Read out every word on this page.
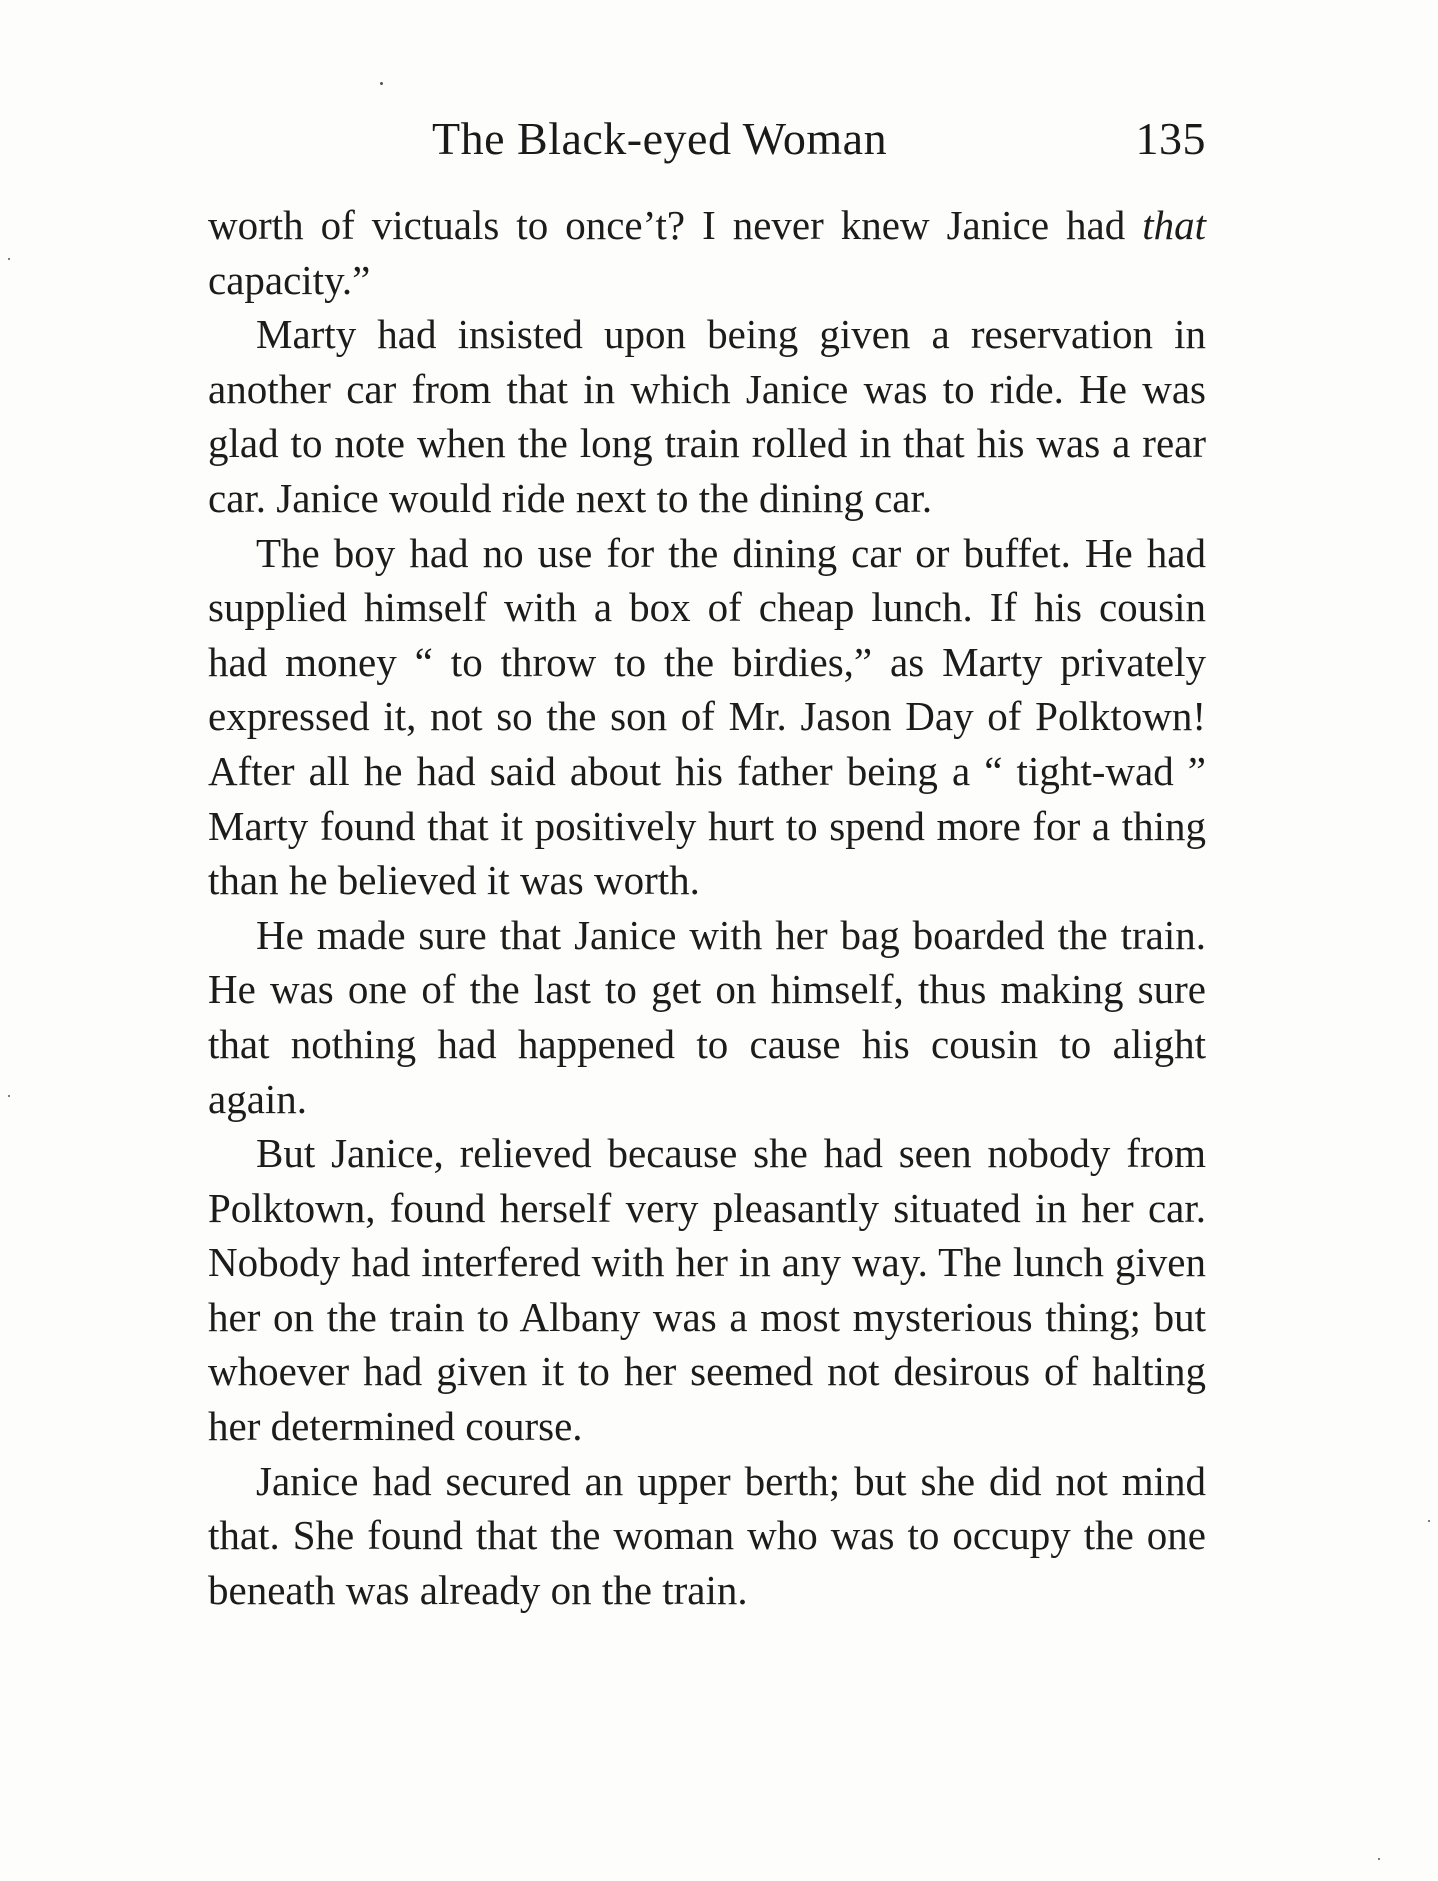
The Black-eyed Woman	135

worth of victuals to once’t? I never knew Janice had that capacity.”

Marty had insisted upon being given a reservation in another car from that in which Janice was to ride. He was glad to note when the long train rolled in that his was a rear car. Janice would ride next to the dining car.

The boy had no use for the dining car or buffet. He had supplied himself with a box of cheap lunch. If his cousin had money “ to throw to the birdies,” as Marty privately expressed it, not so the son of Mr. Jason Day of Polktown! After all he had said about his father being a “ tight-wad ” Marty found that it positively hurt to spend more for a thing than he believed it was worth.

He made sure that Janice with her bag boarded the train. He was one of the last to get on himself, thus making sure that nothing had happened to cause his cousin to alight again.

But Janice, relieved because she had seen nobody from Polktown, found herself very pleasantly situated in her car. Nobody had interfered with her in any way. The lunch given her on the train to Albany was a most mysterious thing; but whoever had given it to her seemed not desirous of halting her determined course.

Janice had secured an upper berth; but she did not mind that. She found that the woman who was to occupy the one beneath was already on the train.
